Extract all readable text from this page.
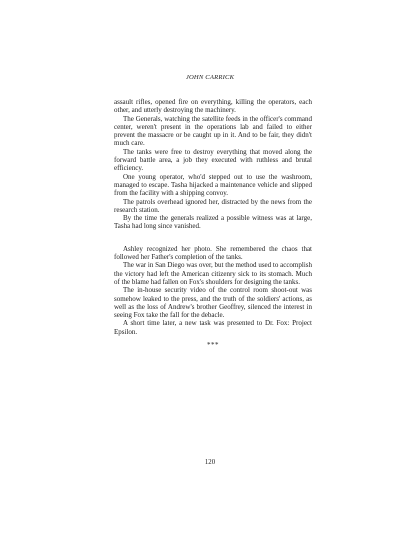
JOHN CARRICK

assault rifles, opened fire on everything, killing the operators, each other, and utterly destroying the machinery.

The Generals, watching the satellite feeds in the officer's command center, weren't present in the operations lab and failed to either prevent the massacre or be caught up in it. And to be fair, they didn't much care.

The tanks were free to destroy everything that moved along the forward battle area, a job they executed with ruthless and brutal efficiency.

One young operator, who'd stepped out to use the washroom, managed to escape. Tasha hijacked a maintenance vehicle and slipped from the facility with a shipping convoy.

The patrols overhead ignored her, distracted by the news from the research station.

By the time the generals realized a possible witness was at large, Tasha had long since vanished.

Ashley recognized her photo. She remembered the chaos that followed her Father's completion of the tanks.

The war in San Diego was over, but the method used to accomplish the victory had left the American citizenry sick to its stomach. Much of the blame had fallen on Fox's shoulders for designing the tanks.

The in-house security video of the control room shoot-out was somehow leaked to the press, and the truth of the soldiers' actions, as well as the loss of Andrew's brother Geoffrey, silenced the interest in seeing Fox take the fall for the debacle.

A short time later, a new task was presented to Dr. Fox: Project Epsilon.

***
120
